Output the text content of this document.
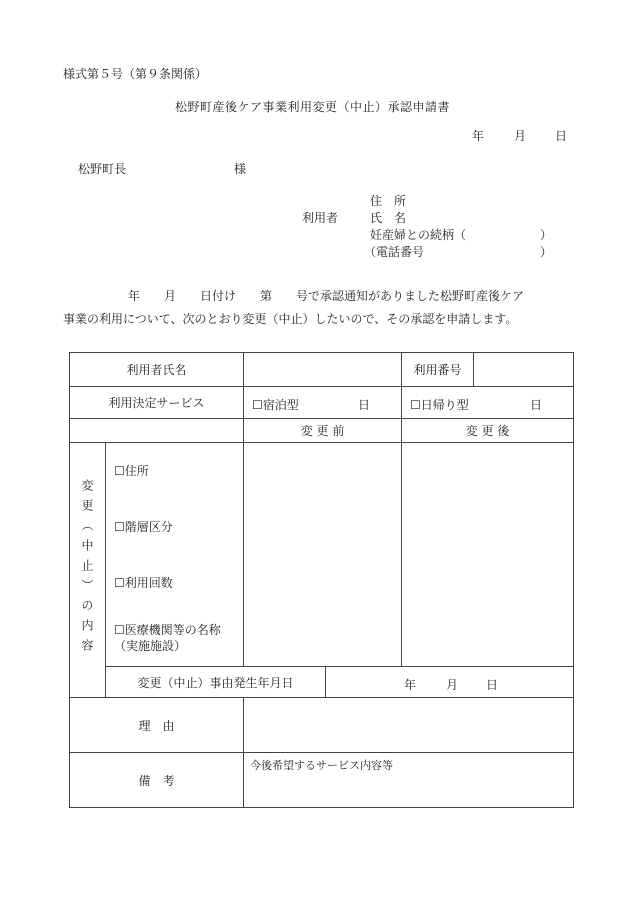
様式第５号（第９条関係）
松野町産後ケア事業利用変更（中止）承認申請書
年 月 日
松野町長	様
住　所
利用者	氏　名
妊産婦との続柄（	）
（電話番号	）
年　　月　　日付け　　第　　号で承認通知がありました松野町産後ケア
事業の利用について、次のとおり変更（中止）したいので、その承認を申請します。
利用者氏名				利用番号	
利用決定サービス		☐宿泊型 日		☐日帰り型 日	

		変 更 前		変 更 後	
変更（中止）の内容	☐住所				
	☐階層区分				
	☐利用回数				

	☐医療機関等の名称
（実施施設）				

	変更（中止）事由発生年月日		年 月 日		

理　由					
備　考		今後希望するサービス内容等			
